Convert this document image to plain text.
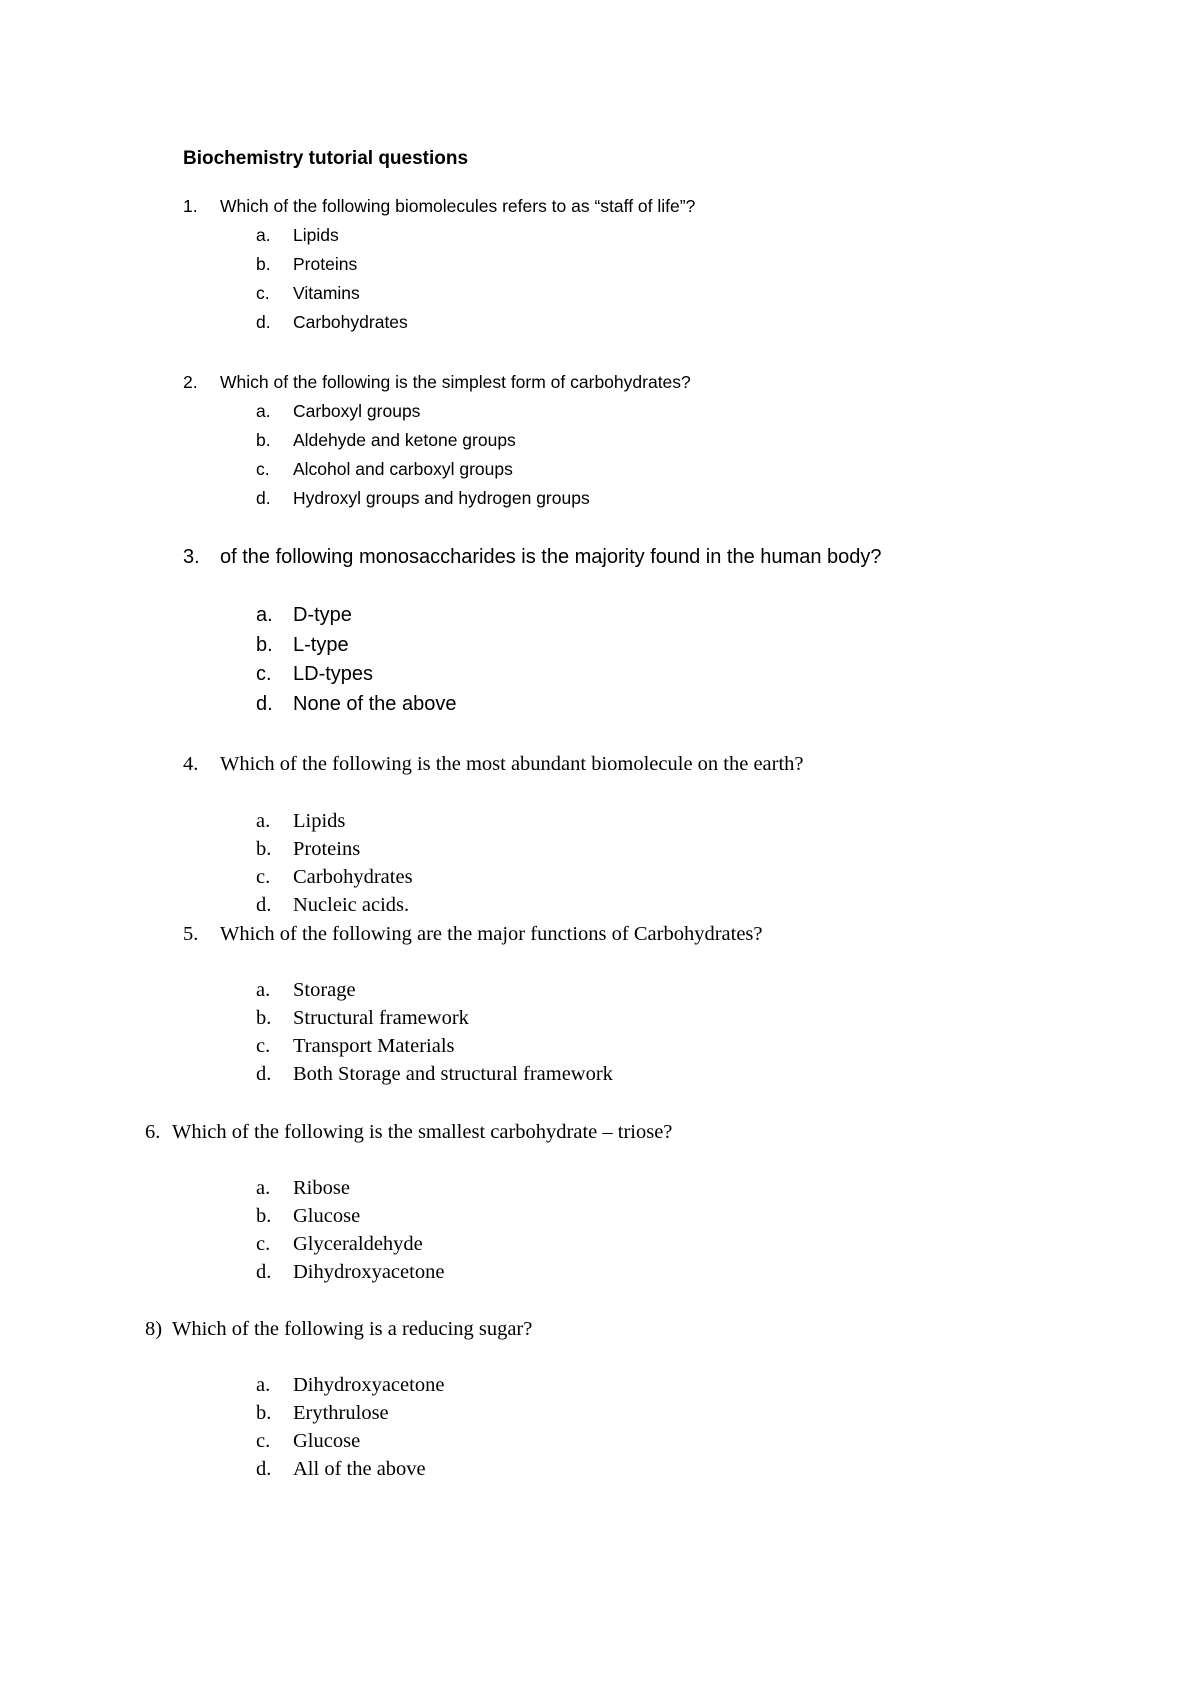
Biochemistry tutorial questions
1. Which of the following biomolecules refers to as “staff of life”?
a. Lipids
b. Proteins
c. Vitamins
d. Carbohydrates
2. Which of the following is the simplest form of carbohydrates?
a. Carboxyl groups
b. Aldehyde and ketone groups
c. Alcohol and carboxyl groups
d. Hydroxyl groups and hydrogen groups
3. of the following monosaccharides is the majority found in the human body?
a. D-type
b. L-type
c. LD-types
d. None of the above
4. Which of the following is the most abundant biomolecule on the earth?
a. Lipids
b. Proteins
c. Carbohydrates
d. Nucleic acids.
5. Which of the following are the major functions of Carbohydrates?
a. Storage
b. Structural framework
c. Transport Materials
d. Both Storage and structural framework
6. Which of the following is the smallest carbohydrate – triose?
a. Ribose
b. Glucose
c. Glyceraldehyde
d. Dihydroxyacetone
8) Which of the following is a reducing sugar?
a. Dihydroxyacetone
b. Erythrulose
c. Glucose
d. All of the above
